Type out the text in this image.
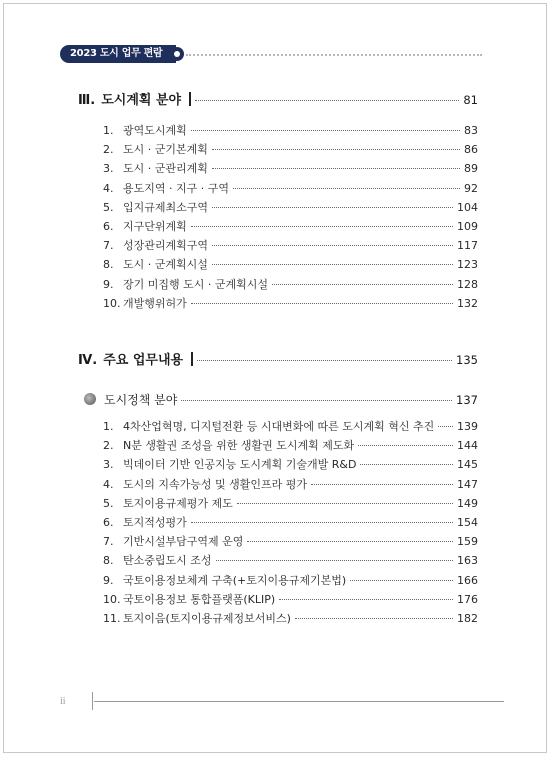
2023 도시 업무 편람
Ⅲ. 도시계획 분야	81
1. 광역도시계획	83
2. 도시 · 군기본계획	86
3. 도시 · 군관리계획	89
4. 용도지역 · 지구 · 구역	92
5. 입지규제최소구역	104
6. 지구단위계획	109
7. 성장관리계획구역	117
8. 도시 · 군계획시설	123
9. 장기 미집행 도시 · 군계획시설	128
10. 개발행위허가	132
Ⅳ. 주요 업무내용	135
도시정책 분야	137
1. 4차산업혁명, 디지털전환 등 시대변화에 따른 도시계획 혁신 추진 139
2. N분 생활권 조성을 위한 생활권 도시계획 제도화	144
3. 빅데이터 기반 인공지능 도시계획 기술개발 R&D	145
4. 도시의 지속가능성 및 생활인프라 평가	147
5. 토지이용규제평가 제도	149
6. 토지적성평가	154
7. 기반시설부담구역제 운영	159
8. 탄소중립도시 조성	163
9. 국토이용정보체계 구축(+토지이용규제기본법)	166
10. 국토이용정보 통합플랫폼(KLIP)	176
11. 토지이음(토지이용규제정보서비스)	182
ii
